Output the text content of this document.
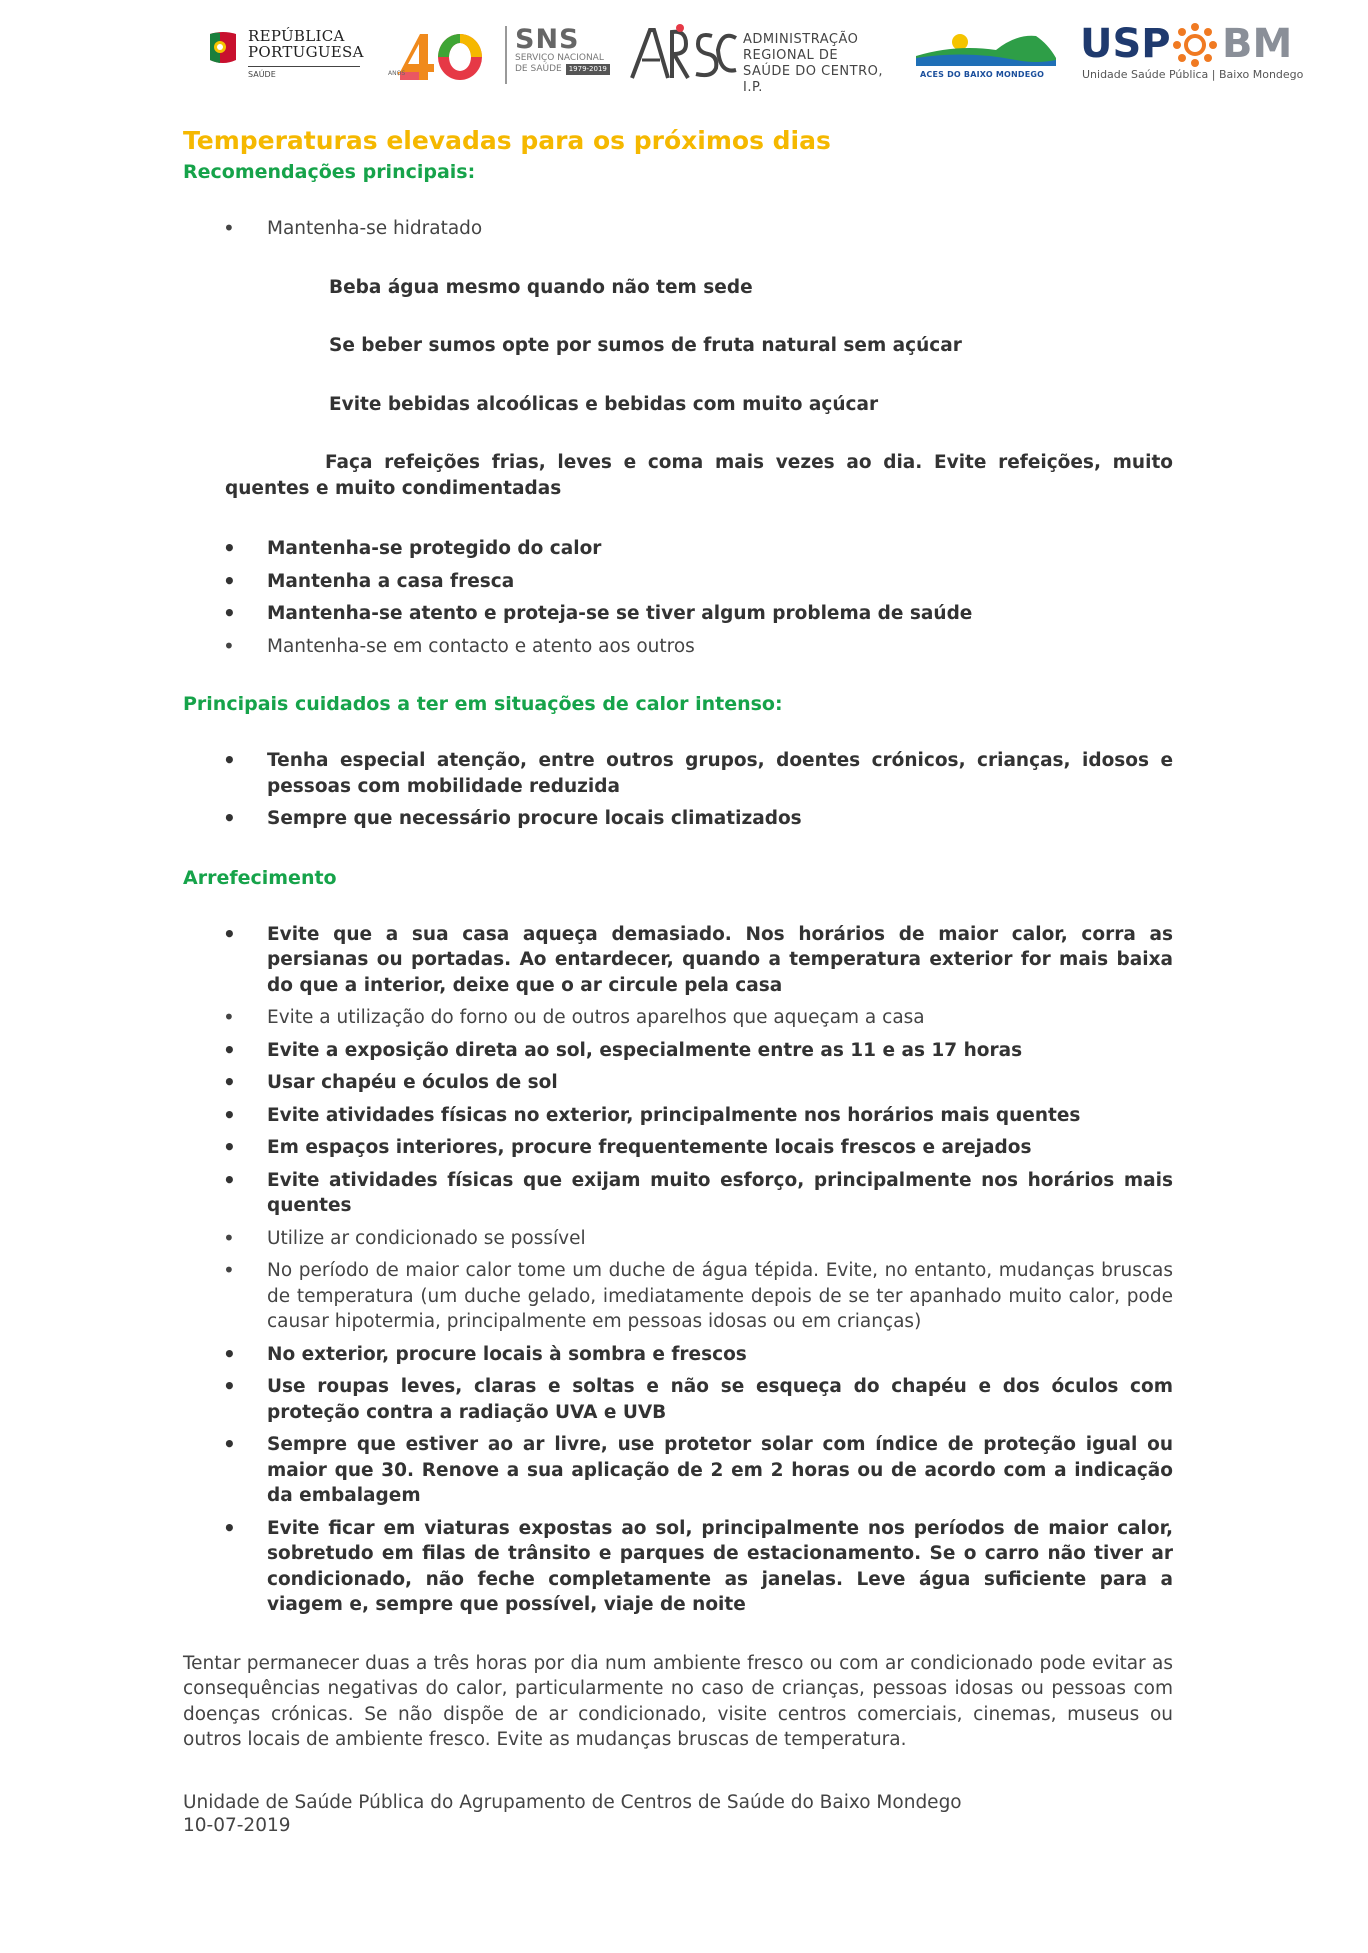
REPÚBLICA
PORTUGUESA
SAÚDE	ANOS
SNS
SERVIÇO NACIONAL
DE SAÚDE 1979-2019
ADMINISTRAÇÃO
REGIONAL DE
SAÚDE DO CENTRO, I.P.
ACES DO BAIXO MONDEGO
USP BM
Unidade Saúde Pública | Baixo Mondego
Temperaturas elevadas para os próximos dias
Recomendações principais:
• Mantenha-se hidratado
Beba água mesmo quando não tem sede
Se beber sumos opte por sumos de fruta natural sem açúcar
Evite bebidas alcoólicas e bebidas com muito açúcar
Faça refeições frias, leves e coma mais vezes ao dia. Evite refeições, muito quentes e muito condimentadas
• Mantenha-se protegido do calor
• Mantenha a casa fresca
• Mantenha-se atento e proteja-se se tiver algum problema de saúde
• Mantenha-se em contacto e atento aos outros
Principais cuidados a ter em situações de calor intenso:
• Tenha especial atenção, entre outros grupos, doentes crónicos, crianças, idosos e pessoas com mobilidade reduzida
• Sempre que necessário procure locais climatizados
Arrefecimento
• Evite que a sua casa aqueça demasiado. Nos horários de maior calor, corra as persianas ou portadas. Ao entardecer, quando a temperatura exterior for mais baixa do que a interior, deixe que o ar circule pela casa
• Evite a utilização do forno ou de outros aparelhos que aqueçam a casa
• Evite a exposição direta ao sol, especialmente entre as 11 e as 17 horas
• Usar chapéu e óculos de sol
• Evite atividades físicas no exterior, principalmente nos horários mais quentes
• Em espaços interiores, procure frequentemente locais frescos e arejados
• Evite atividades físicas que exijam muito esforço, principalmente nos horários mais quentes
• Utilize ar condicionado se possível
• No período de maior calor tome um duche de água tépida. Evite, no entanto, mudanças bruscas de temperatura (um duche gelado, imediatamente depois de se ter apanhado muito calor, pode causar hipotermia, principalmente em pessoas idosas ou em crianças)
• No exterior, procure locais à sombra e frescos
• Use roupas leves, claras e soltas e não se esqueça do chapéu e dos óculos com proteção contra a radiação UVA e UVB
• Sempre que estiver ao ar livre, use protetor solar com índice de proteção igual ou maior que 30. Renove a sua aplicação de 2 em 2 horas ou de acordo com a indicação da embalagem
• Evite ficar em viaturas expostas ao sol, principalmente nos períodos de maior calor, sobretudo em filas de trânsito e parques de estacionamento. Se o carro não tiver ar condicionado, não feche completamente as janelas. Leve água suficiente para a viagem e, sempre que possível, viaje de noite
Tentar permanecer duas a três horas por dia num ambiente fresco ou com ar condicionado pode evitar as consequências negativas do calor, particularmente no caso de crianças, pessoas idosas ou pessoas com doenças crónicas. Se não dispõe de ar condicionado, visite centros comerciais, cinemas, museus ou outros locais de ambiente fresco. Evite as mudanças bruscas de temperatura.
Unidade de Saúde Pública do Agrupamento de Centros de Saúde do Baixo Mondego
10-07-2019
